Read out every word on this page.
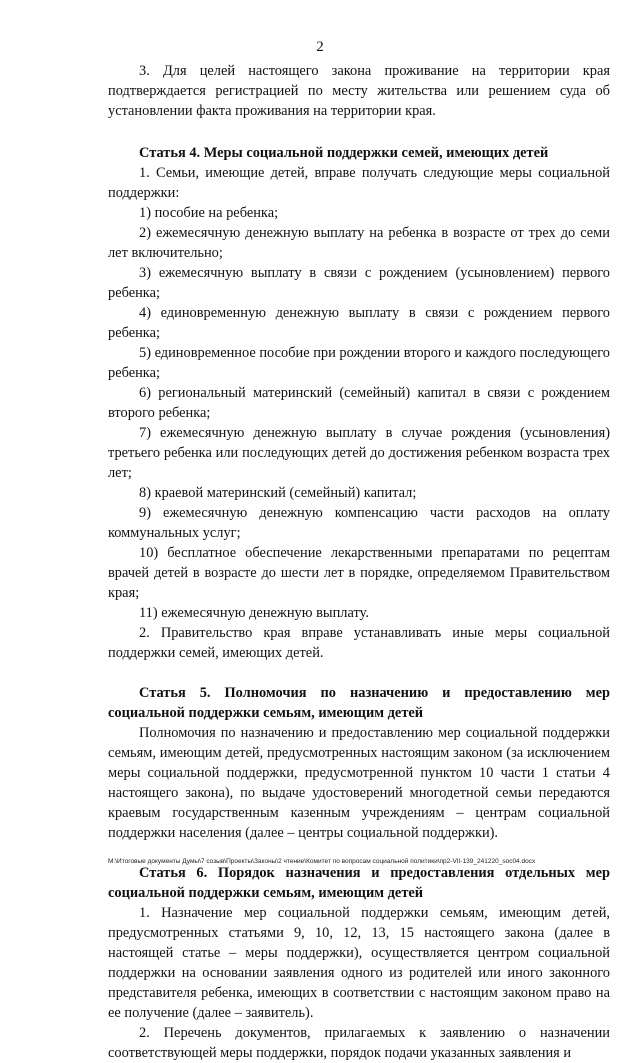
2

3. Для целей настоящего закона проживание на территории края подтверждается регистрацией по месту жительства или решением суда об установлении факта проживания на территории края.

Статья 4. Меры социальной поддержки семей, имеющих детей

1. Семьи, имеющие детей, вправе получать следующие меры социальной поддержки:

1) пособие на ребенка;

2) ежемесячную денежную выплату на ребенка в возрасте от трех до семи лет включительно;

3) ежемесячную выплату в связи с рождением (усыновлением) первого ребенка;

4) единовременную денежную выплату в связи с рождением первого ребенка;

5) единовременное пособие при рождении второго и каждого последующего ребенка;

6) региональный материнский (семейный) капитал в связи с рождением второго ребенка;

7) ежемесячную денежную выплату в случае рождения (усыновления) третьего ребенка или последующих детей до достижения ребенком возраста трех лет;

8) краевой материнский (семейный) капитал;

9) ежемесячную денежную компенсацию части расходов на оплату коммунальных услуг;

10) бесплатное обеспечение лекарственными препаратами по рецептам врачей детей в возрасте до шести лет в порядке, определяемом Правительством края;

11) ежемесячную денежную выплату.

2. Правительство края вправе устанавливать иные меры социальной поддержки семей, имеющих детей.

Статья 5. Полномочия по назначению и предоставлению мер социальной поддержки семьям, имеющим детей

Полномочия по назначению и предоставлению мер социальной поддержки семьям, имеющим детей, предусмотренных настоящим законом (за исключением меры социальной поддержки, предусмотренной пунктом 10 части 1 статьи 4 настоящего закона), по выдаче удостоверений многодетной семьи передаются краевым государственным казенным учреждениям – центрам социальной поддержки населения (далее – центры социальной поддержки).

Статья 6. Порядок назначения и предоставления отдельных мер социальной поддержки семьям, имеющим детей

1. Назначение мер социальной поддержки семьям, имеющим детей, предусмотренных статьями 9, 10, 12, 13, 15 настоящего закона (далее в настоящей статье – меры поддержки), осуществляется центром социальной поддержки на основании заявления одного из родителей или иного законного представителя ребенка, имеющих в соответствии с настоящим законом право на ее получение (далее – заявитель).

2. Перечень документов, прилагаемых к заявлению о назначении соответствующей меры поддержки, порядок подачи указанных заявления и

М:\Итоговые документы Думы\7 созыв\Проекты\Законы\2 чтение\Комитет по вопросам социальной политики\пр2-VII-139_241220_soc04.docx
